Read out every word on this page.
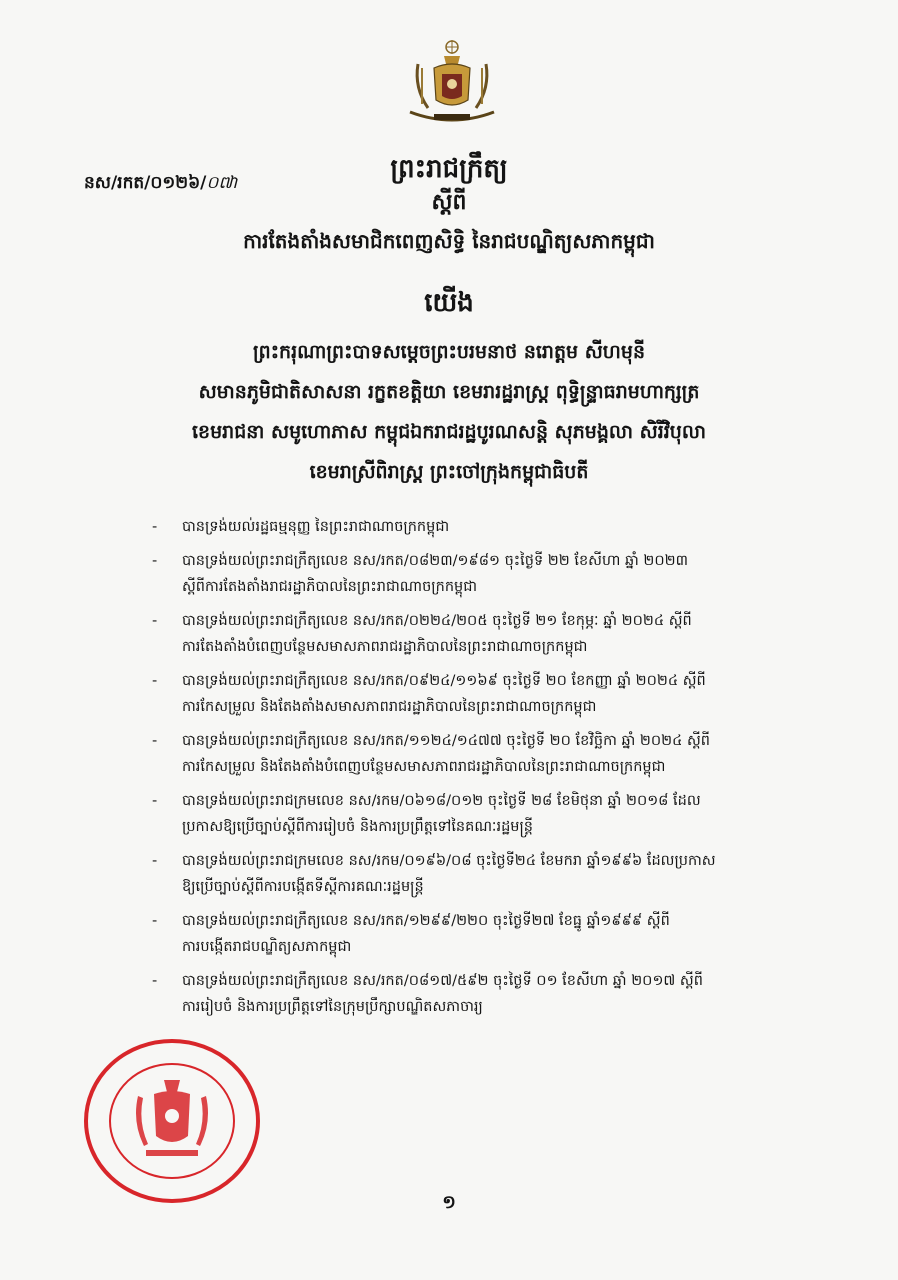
នស/រកត/០១២៦/០៧ា	ព្រះរាជក្រឹត្យ
ស្ដីពី
ការតែងតាំងសមាជិកពេញសិទ្ធិ នៃរាជបណ្ឌិត្យសភាកម្ពុជា
យើង
ព្រះករុណាព្រះបាទសម្ដេចព្រះបរមនាថ នរោត្តម សីហមុនី
សមានភូមិជាតិសាសនា រក្ខតខត្តិយា ខេមរារដ្ឋរាស្ត្រ ពុទ្ធិន្ទ្រាធរាមហាក្សត្រ
ខេមរាជនា សមូហោភាស កម្ពុជឯករាជរដ្ឋបូរណសន្តិ សុភមង្គលា សិរីវិបុលា
ខេមរាស្រីពិរាស្ត្រ ព្រះចៅក្រុងកម្ពុជាធិបតី
-	បានទ្រង់យល់រដ្ឋធម្មនុញ្ញ នៃព្រះរាជាណាចក្រកម្ពុជា
-	បានទ្រង់យល់ព្រះរាជក្រឹត្យលេខ នស/រកត/០៨២៣/១៩៨១ ចុះថ្ងៃទី ២២ ខែសីហា ឆ្នាំ ២០២៣
ស្ដីពីការតែងតាំងរាជរដ្ឋាភិបាលនៃព្រះរាជាណាចក្រកម្ពុជា
-	បានទ្រង់យល់ព្រះរាជក្រឹត្យលេខ នស/រកត/០២២៤/២០៥ ចុះថ្ងៃទី ២១ ខែកុម្ភៈ ឆ្នាំ ២០២៤ ស្ដីពី
ការតែងតាំងបំពេញបន្ថែមសមាសភាពរាជរដ្ឋាភិបាលនៃព្រះរាជាណាចក្រកម្ពុជា
-	បានទ្រង់យល់ព្រះរាជក្រឹត្យលេខ នស/រកត/០៩២៤/១១៦៩ ចុះថ្ងៃទី ២០ ខែកញ្ញា ឆ្នាំ ២០២៤ ស្ដីពី
ការកែសម្រួល និងតែងតាំងសមាសភាពរាជរដ្ឋាភិបាលនៃព្រះរាជាណាចក្រកម្ពុជា
-	បានទ្រង់យល់ព្រះរាជក្រឹត្យលេខ នស/រកត/១១២៤/១៤៧៧ ចុះថ្ងៃទី ២០ ខែវិច្ឆិកា ឆ្នាំ ២០២៤ ស្ដីពី
ការកែសម្រួល និងតែងតាំងបំពេញបន្ថែមសមាសភាពរាជរដ្ឋាភិបាលនៃព្រះរាជាណាចក្រកម្ពុជា
-	បានទ្រង់យល់ព្រះរាជក្រមលេខ នស/រកម/០៦១៨/០១២ ចុះថ្ងៃទី ២៨ ខែមិថុនា ឆ្នាំ ២០១៨ ដែល
ប្រកាសឱ្យប្រើច្បាប់ស្ដីពីការរៀបចំ និងការប្រព្រឹត្តទៅនៃគណៈរដ្ឋមន្ត្រី
-	បានទ្រង់យល់ព្រះរាជក្រមលេខ នស/រកម/០១៩៦/០៨ ចុះថ្ងៃទី២៤ ខែមករា ឆ្នាំ១៩៩៦ ដែលប្រកាស
ឱ្យប្រើច្បាប់ស្ដីពីការបង្កើតទីស្ដីការគណៈរដ្ឋមន្ត្រី
-	បានទ្រង់យល់ព្រះរាជក្រឹត្យលេខ នស/រកត/១២៩៩/២២០ ចុះថ្ងៃទី២៧ ខែធ្នូ ឆ្នាំ១៩៩៩ ស្ដីពី
ការបង្កើតរាជបណ្ឌិត្យសភាកម្ពុជា
-	បានទ្រង់យល់ព្រះរាជក្រឹត្យលេខ នស/រកត/០៨១៧/៥៩២ ចុះថ្ងៃទី ០១ ខែសីហា ឆ្នាំ ២០១៧ ស្ដីពី
ការរៀបចំ និងការប្រព្រឹត្តទៅនៃក្រុមប្រឹក្សាបណ្ឌិតសភាចារ្យ
១
